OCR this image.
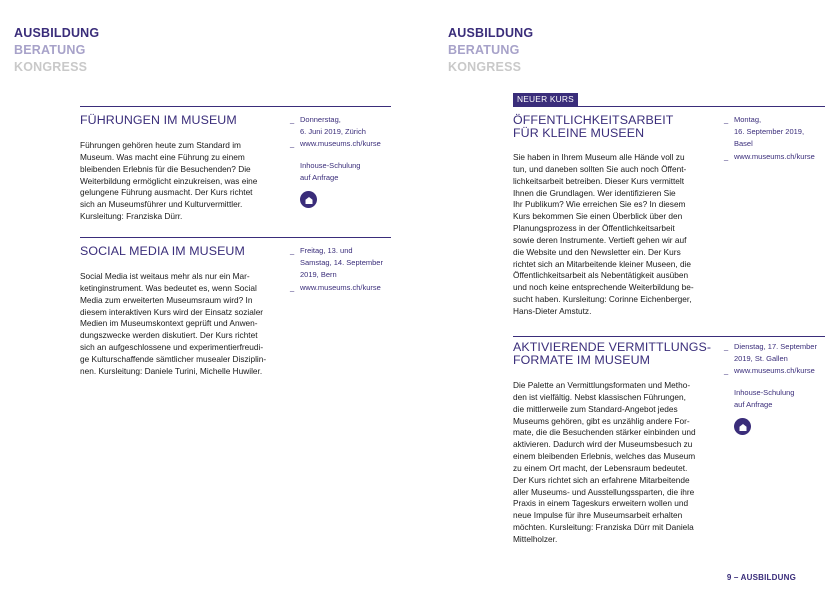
AUSBILDUNG
BERATUNG
KONGRESS
AUSBILDUNG
BERATUNG
KONGRESS
FÜHRUNGEN IM MUSEUM
Führungen gehören heute zum Standard im
Museum. Was macht eine Führung zu einem
bleibenden Erlebnis für die Besuchenden? Die
Weiterbildung ermöglicht einzukreisen, was eine
gelungene Führung ausmacht. Der Kurs richtet
sich an Museumsführer und Kulturvermittler.
Kursleitung: Franziska Dürr.
_ Donnerstag,
6. Juni 2019, Zürich
_ www.museums.ch/kurse
Inhouse-Schulung
auf Anfrage
SOCIAL MEDIA IM MUSEUM
Social Media ist weitaus mehr als nur ein Mar-
ketinginstrument. Was bedeutet es, wenn Social
Media zum erweiterten Museumsraum wird? In
diesem interaktiven Kurs wird der Einsatz sozialer
Medien im Museumskontext geprüft und Anwen-
dungszwecke werden diskutiert. Der Kurs richtet
sich an aufgeschlossene und experimentierfreudi-
ge Kulturschaffende sämtlicher musealer Disziplin-
nen. Kursleitung: Daniele Turini, Michelle Huwiler.
_ Freitag, 13. und
Samstag, 14. September
2019, Bern
_ www.museums.ch/kurse
NEUER KURS
ÖFFENTLICHKEITSARBEIT
FÜR KLEINE MUSEEN
Sie haben in Ihrem Museum alle Hände voll zu
tun, und daneben sollten Sie auch noch Öffent-
lichkeitsarbeit betreiben. Dieser Kurs vermittelt
Ihnen die Grundlagen. Wer identifizieren Sie
Ihr Publikum? Wie erreichen Sie es? In diesem
Kurs bekommen Sie einen Überblick über den
Planungsprozess in der Öffentlichkeitsarbeit
sowie deren Instrumente. Vertieft gehen wir auf
die Website und den Newsletter ein. Der Kurs
richtet sich an Mitarbeitende kleiner Museen, die
Öffentlichkeitsarbeit als Nebentätigkeit ausüben
und noch keine entsprechende Weiterbildung be-
sucht haben. Kursleitung: Corinne Eichenberger,
Hans-Dieter Amstutz.
_ Montag,
16. September 2019,
Basel
_ www.museums.ch/kurse
AKTIVIERENDE VERMITTLUNGS-
FORMATE IM MUSEUM
Die Palette an Vermittlungsformaten und Metho-
den ist vielfältig. Nebst klassischen Führungen,
die mittlerweile zum Standard-Angebot jedes
Museums gehören, gibt es unzählig andere For-
mate, die die Besuchenden stärker einbinden und
aktivieren. Dadurch wird der Museumsbesuch zu
einem bleibenden Erlebnis, welches das Museum
zu einem Ort macht, der Lebensraum bedeutet.
Der Kurs richtet sich an erfahrene Mitarbeitende
aller Museums- und Ausstellungssparten, die ihre
Praxis in einem Tageskurs erweitern wollen und
neue Impulse für ihre Museumsarbeit erhalten
möchten. Kursleitung: Franziska Dürr mit Daniela
Mittelholzer.
_ Dienstag, 17. September
2019, St. Gallen
_ www.museums.ch/kurse
Inhouse-Schulung
auf Anfrage
9 – AUSBILDUNG
